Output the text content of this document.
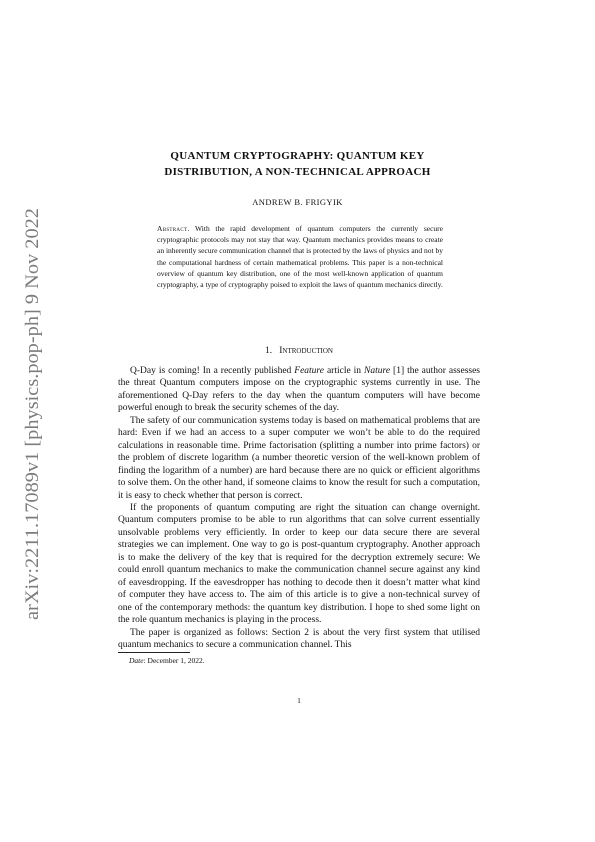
arXiv:2211.17089v1 [physics.pop-ph] 9 Nov 2022
QUANTUM CRYPTOGRAPHY: QUANTUM KEY
DISTRIBUTION, A NON-TECHNICAL APPROACH
ANDREW B. FRIGYIK
Abstract. With the rapid development of quantum computers the currently secure cryptographic protocols may not stay that way. Quantum mechanics provides means to create an inherently secure communication channel that is protected by the laws of physics and not by the computational hardness of certain mathematical problems. This paper is a non-technical overview of quantum key distribution, one of the most well-known application of quantum cryptography, a type of cryptography poised to exploit the laws of quantum mechanics directly.
1. Introduction

Q-Day is coming! In a recently published Feature article in Nature [1] the author assesses the threat Quantum computers impose on the cryptographic systems currently in use. The aforementioned Q-Day refers to the day when the quantum computers will have become powerful enough to break the security schemes of the day.

The safety of our communication systems today is based on mathematical problems that are hard: Even if we had an access to a super computer we won’t be able to do the required calculations in reasonable time. Prime factorisation (splitting a number into prime factors) or the problem of discrete logarithm (a number theoretic version of the well-known problem of finding the logarithm of a number) are hard because there are no quick or efficient algorithms to solve them. On the other hand, if someone claims to know the result for such a computation, it is easy to check whether that person is correct.

If the proponents of quantum computing are right the situation can change overnight. Quantum computers promise to be able to run algorithms that can solve current essentially unsolvable problems very efficiently. In order to keep our data secure there are several strategies we can implement. One way to go is post-quantum cryptography. Another approach is to make the delivery of the key that is required for the decryption extremely secure: We could enroll quantum mechanics to make the communication channel secure against any kind of eavesdropping. If the eavesdropper has nothing to decode then it doesn’t matter what kind of computer they have access to. The aim of this article is to give a non-technical survey of one of the contemporary methods: the quantum key distribution. I hope to shed some light on the role quantum mechanics is playing in the process.

The paper is organized as follows: Section 2 is about the very first system that utilised quantum mechanics to secure a communication channel. This

Date: December 1, 2022.
1
